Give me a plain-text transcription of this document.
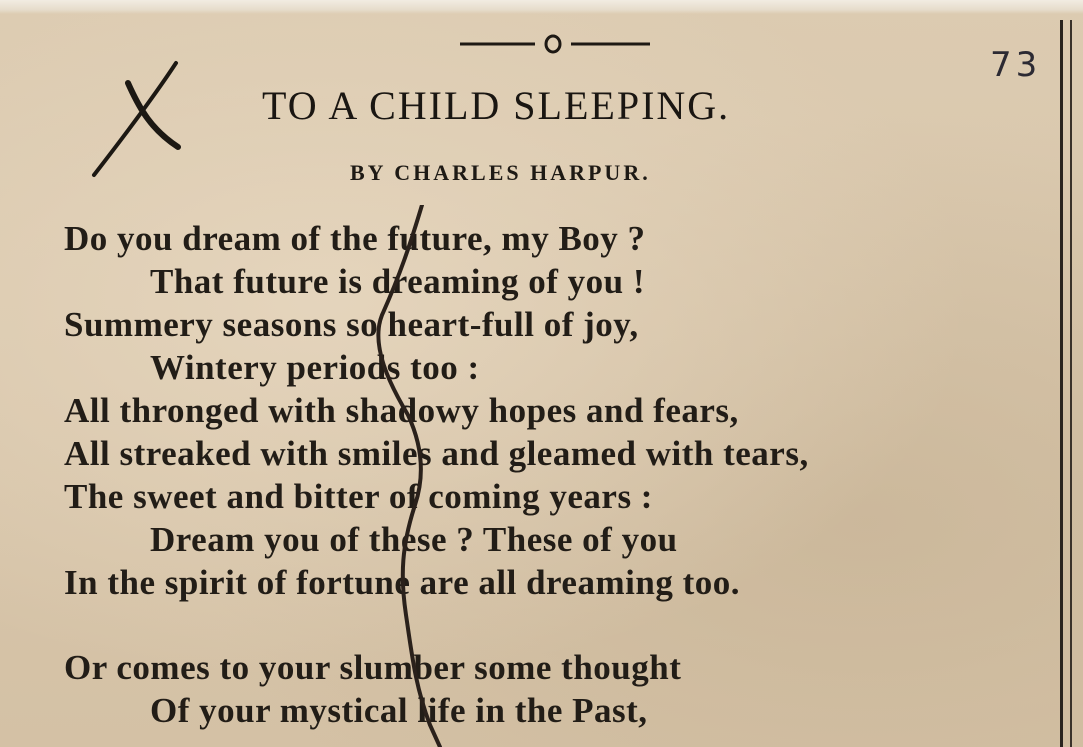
73
TO A CHILD SLEEPING.
BY CHARLES HARPUR.
Do you dream of the future, my Boy ?
That future is dreaming of you !
Summery seasons so heart-full of joy,
Wintery periods too :
All thronged with shadowy hopes and fears,
All streaked with smiles and gleamed with tears,
The sweet and bitter of coming years :
Dream you of these ? These of you
In the spirit of fortune are all dreaming too.
Or comes to your slumber some thought
Of your mystical life in the Past,
